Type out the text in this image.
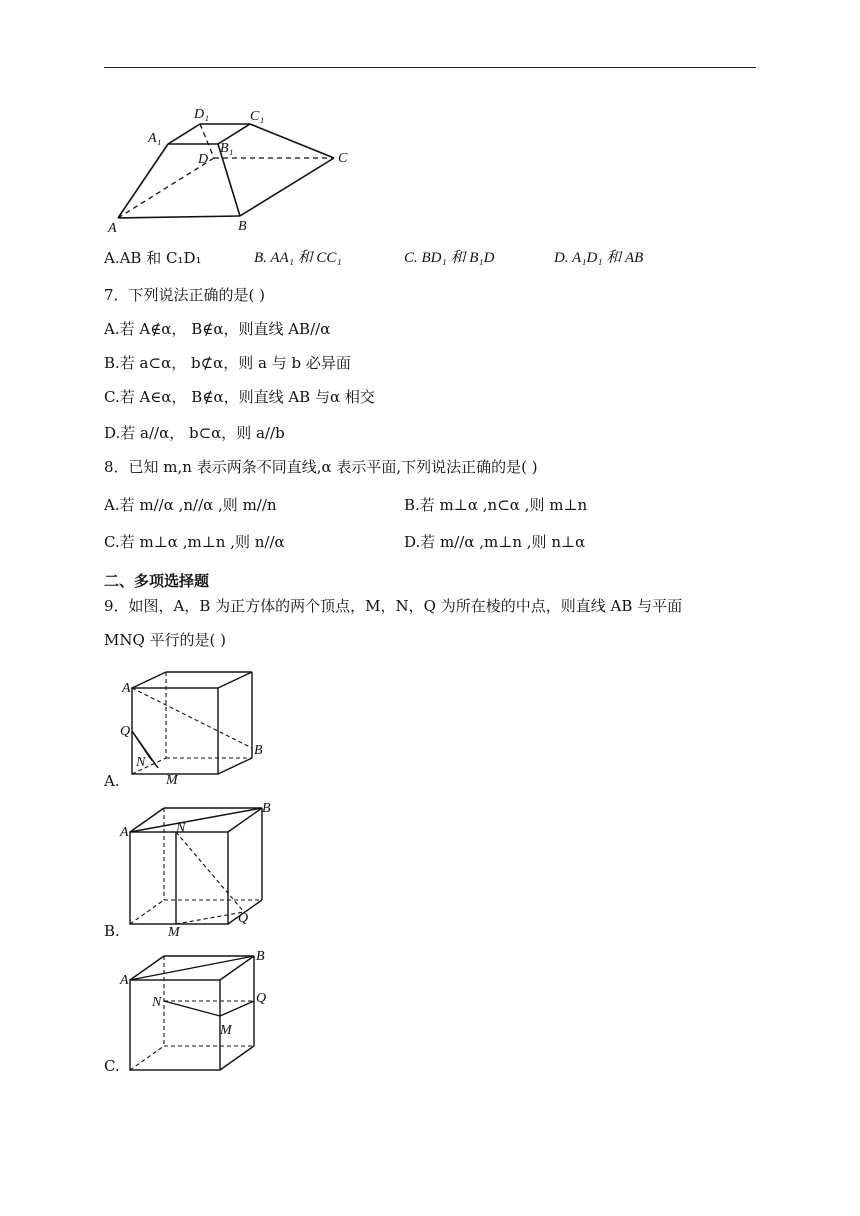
D₁	C₁
A₁
B₁
D	C
A	B
A.AB 和 C₁D₁	B. AA₁ 和 CC₁	C. BD₁ 和 B₁D	D. A₁D₁ 和 AB
7．下列说法正确的是( )
A.若 A∉α， B∉α，则直线 AB//α
B.若 a⊂α， b⊄α，则 a 与 b 必异面
C.若 A∈α， B∉α，则直线 AB 与α 相交
D.若 a//α， b⊂α，则 a//b
8．已知 m,n 表示两条不同直线,α 表示平面,下列说法正确的是( )
A.若 m//α ,n//α ,则 m//n	B.若 m⊥α ,n⊂α ,则 m⊥n
C.若 m⊥α ,m⊥n ,则 n//α	D.若 m//α ,m⊥n ,则 n⊥α
二、多项选择题
9．如图，A，B 为正方体的两个顶点，M，N，Q 为所在棱的中点，则直线 AB 与平面
MNQ 平行的是( )
A
B
Q
N
M
A.
A	N
B
Q
M
B.
A
B
N	Q
M
C.
